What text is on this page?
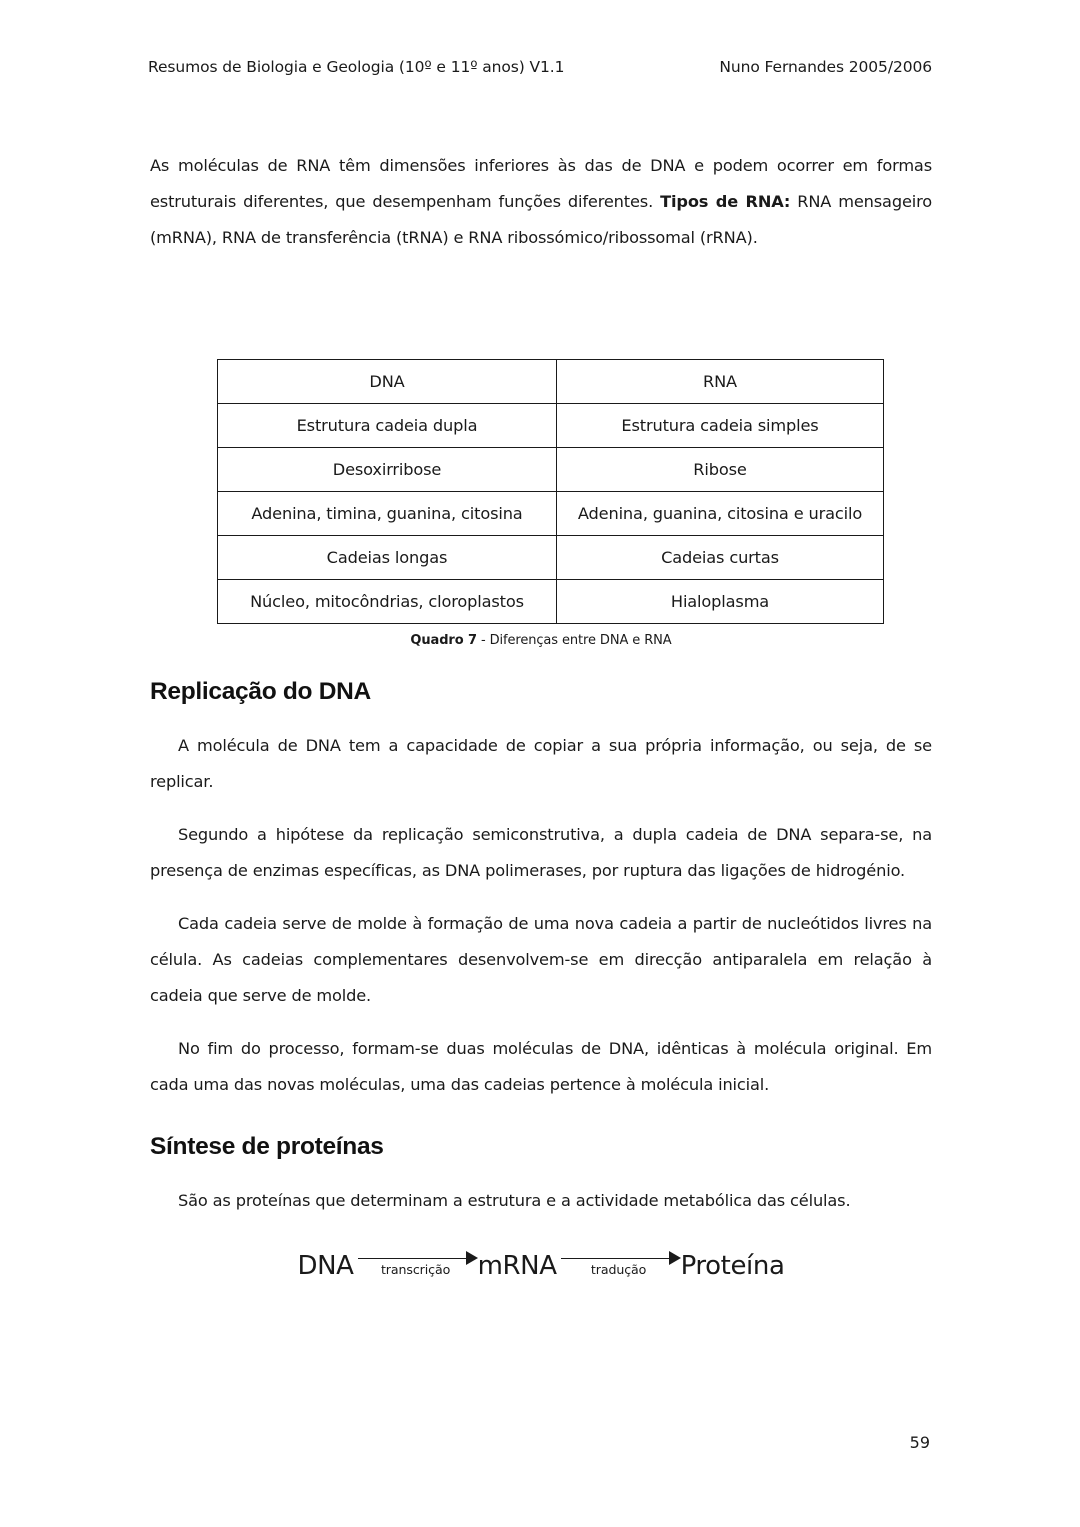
Resumos de Biologia e Geologia (10º e 11º anos) V1.1	Nuno Fernandes 2005/2006

As moléculas de RNA têm dimensões inferiores às das de DNA e podem ocorrer em formas estruturais diferentes, que desempenham funções diferentes. Tipos de RNA: RNA mensageiro (mRNA), RNA de transferência (tRNA) e RNA ribossómico/ribossomal (rRNA).

DNA	RNA
Estrutura cadeia dupla	Estrutura cadeia simples
Desoxirribose	Ribose
Adenina, timina, guanina, citosina	Adenina, guanina, citosina e uracilo
Cadeias longas	Cadeias curtas
Núcleo, mitocôndrias, cloroplastos	Hialoplasma
Quadro 7 - Diferenças entre DNA e RNA
Replicação do DNA

A molécula de DNA tem a capacidade de copiar a sua própria informação, ou seja, de se replicar.

Segundo a hipótese da replicação semiconstrutiva, a dupla cadeia de DNA separa-se, na presença de enzimas específicas, as DNA polimerases, por ruptura das ligações de hidrogénio.

Cada cadeia serve de molde à formação de uma nova cadeia a partir de nucleótidos livres na célula. As cadeias complementares desenvolvem-se em direcção antiparalela em relação à cadeia que serve de molde.

No fim do processo, formam-se duas moléculas de DNA, idênticas à molécula original. Em cada uma das novas moléculas, uma das cadeias pertence à molécula inicial.

Síntese de proteínas

São as proteínas que determinam a estrutura e a actividade metabólica das células.

DNA	transcrição	mRNA	tradução	Proteína
59
